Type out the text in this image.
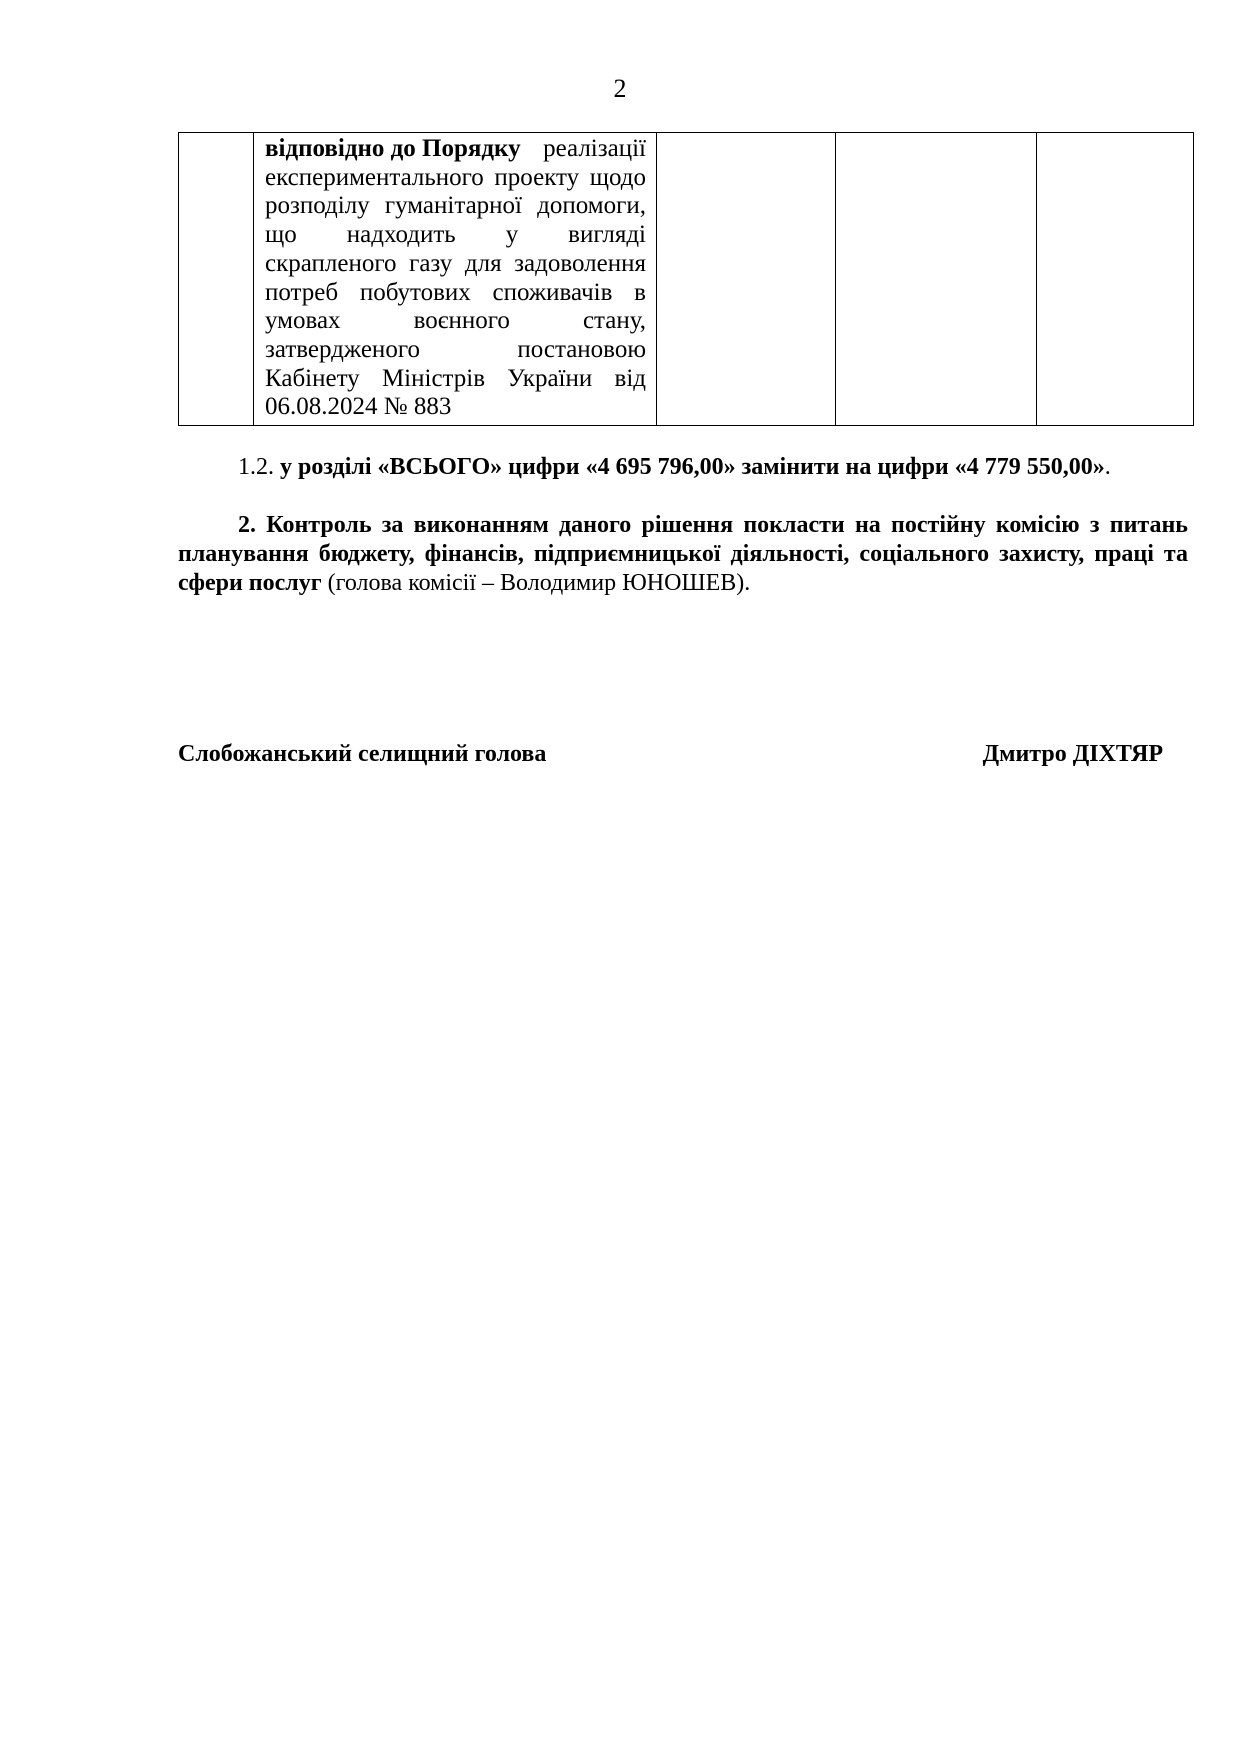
2

відповідно до Порядку реалізації
експериментального проекту щодо
розподілу гуманітарної допомоги,
що надходить у вигляді
скрапленого газу для задоволення
потреб побутових споживачів в
умовах воєнного стану,
затвердженого постановою
Кабінету Міністрів України від
06.08.2024 № 883

1.2. у розділі «ВСЬОГО» цифри «4 695 796,00» замінити на цифри «4 779 550,00».
2. Контроль за виконанням даного рішення покласти на постійну комісію з питань
планування бюджету, фінансів, підприємницької діяльності, соціального захисту, праці та
сфери послуг (голова комісії – Володимир ЮНОШЕВ).
Слобожанський селищний голова	Дмитро ДІХТЯР
